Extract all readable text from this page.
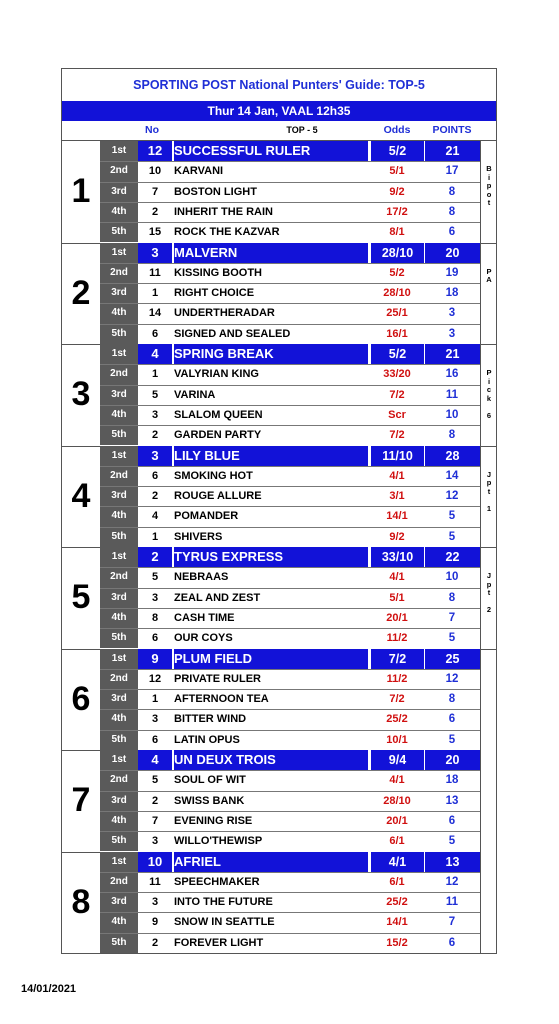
SPORTING POST National Punters' Guide: TOP-5
Thur 14 Jan, VAAL 12h35
No	TOP - 5	Odds	POINTS
1
1st	12 SUCCESSFUL RULER	5/2	21
2nd	10	KARVANI	5/1	17
3rd	7	BOSTON LIGHT	9/2	8
4th	2	INHERIT THE RAIN	17/2	8
5th	15	ROCK THE KAZVAR	8/1	6
B
i
p
o
t
2
1st	3	MALVERN	28/10	20
2nd	11	KISSING BOOTH	5/2	19
3rd	1	RIGHT CHOICE	28/10	18
4th	14	UNDERTHERADAR	25/1	3
5th	6	SIGNED AND SEALED	16/1	3
P
A
3
1st	4	SPRING BREAK	5/2	21
2nd	1	VALYRIAN KING	33/20	16
3rd	5	VARINA	7/2	11
4th	3	SLALOM QUEEN	Scr	10
5th	2	GARDEN PARTY	7/2	8
P
i
c
k

6
4
1st	3	LILY BLUE	11/10	28
2nd	6	SMOKING HOT	4/1	14
3rd	2	ROUGE ALLURE	3/1	12
4th	4	POMANDER	14/1	5
5th	1	SHIVERS	9/2	5
J
p
t

1
5
1st	2	TYRUS EXPRESS	33/10	22
2nd	5	NEBRAAS	4/1	10
3rd	3	ZEAL AND ZEST	5/1	8
4th	8	CASH TIME	20/1	7
5th	6	OUR COYS	11/2	5
J
p
t

2
6
1st	9	PLUM FIELD	7/2	25
2nd	12	PRIVATE RULER	11/2	12
3rd	1	AFTERNOON TEA	7/2	8
4th	3	BITTER WIND	25/2	6
5th	6	LATIN OPUS	10/1	5
7
1st	4	UN DEUX TROIS	9/4	20
2nd	5	SOUL OF WIT	4/1	18
3rd	2	SWISS BANK	28/10	13
4th	7	EVENING RISE	20/1	6
5th	3	WILLO'THEWISP	6/1	5
8
1st	10 AFRIEL	4/1	13
2nd	11	SPEECHMAKER	6/1	12
3rd	3	INTO THE FUTURE	25/2	11
4th	9	SNOW IN SEATTLE	14/1	7
5th	2	FOREVER LIGHT	15/2	6
14/01/2021
